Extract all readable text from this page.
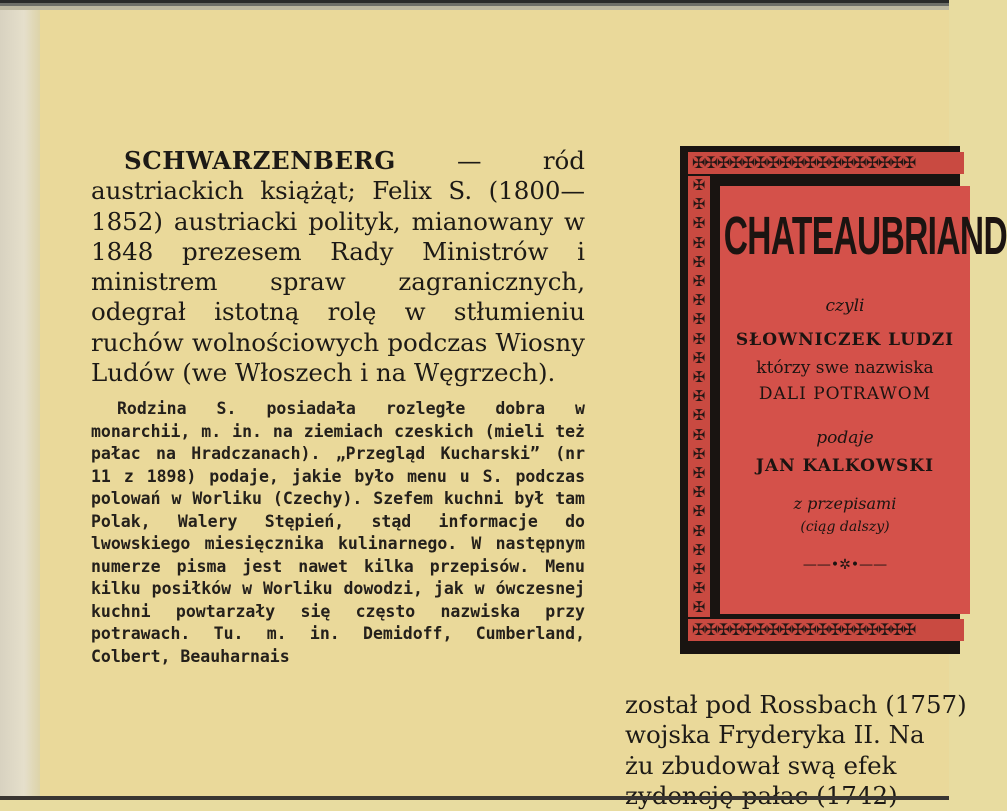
SCHWARZENBERG — ród austriackich książąt; Felix S. (1800—1852) austriacki polityk, mianowany w 1848 prezesem Rady Ministrów i ministrem spraw zagranicznych, odegrał istotną rolę w stłumieniu ruchów wolnościowych podczas Wiosny Ludów (we Włoszech i na Węgrzech).

Rodzina S. posiadała rozległe dobra w monarchii, m. in. na ziemiach czeskich (mieli też pałac na Hradczanach). „Przegląd Kucharski” (nr 11 z 1898) podaje, jakie było menu u S. podczas polowań w Worliku (Czechy). Szefem kuchni był tam Polak, Walery Stępień, stąd informacje do lwowskiego miesięcznika kulinarnego. W następnym numerze pisma jest nawet kilka przepisów. Menu kilku posiłków w Worliku dowodzi, jak w ówczesnej kuchni powtarzały się często nazwiska przy potrawach. Tu. m. in. Demidoff, Cumberland, Colbert, Beauharnais

✠✠✠✠✠✠✠✠✠✠✠✠✠✠✠✠✠✠
✠ ✠ ✠ ✠ ✠ ✠ ✠ ✠ ✠ ✠ ✠ ✠ ✠ ✠ ✠ ✠ ✠ ✠ ✠ ✠ ✠ ✠ ✠
CHATEAUBRIAND
czyli
SŁOWNICZEK LUDZI
którzy swe nazwiska
DALI POTRAWOM
podaje
JAN KALKOWSKI
z przepisami
(ciąg dalszy)
——•✲•——
✠✠✠✠✠✠✠✠✠✠✠✠✠✠✠✠✠✠
został pod Rossbach (1757)
wojska Fryderyka II. Na
żu zbudował swą efek
